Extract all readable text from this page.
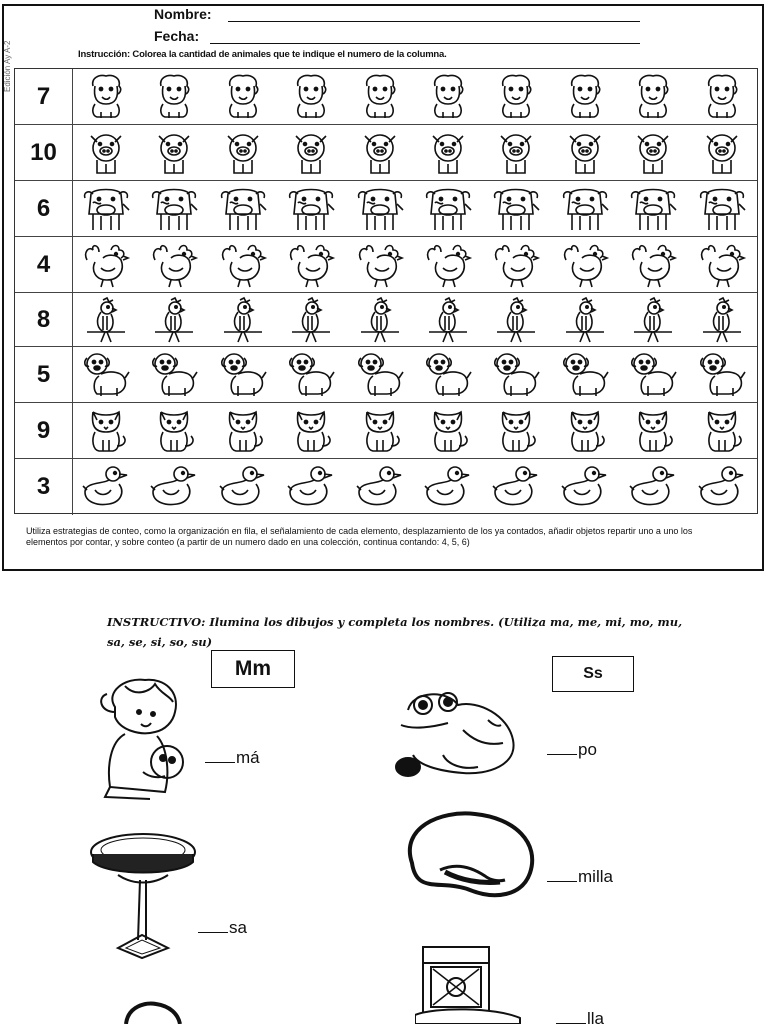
Edición Ay A-2
Nombre:
Fecha:
Instrucción: Colorea la cantidad de animales que te indique el numero de la columna.
7
10
6
4
8
5
9
3
Utiliza estrategias de conteo, como la organización en fila, el señalamiento de cada elemento, desplazamiento de los ya contados, añadir objetos repartir uno a uno los elementos por contar, y sobre conteo (a partir de un numero dado en una colección, continua contando: 4, 5, 6)
INSTRUCTIVO: Ilumina los dibujos y completa los nombres. (Utiliza ma, me, mi, mo, mu,
sa, se, si, so, su)
Mm	Ss
má	po
sa
milla
lla
